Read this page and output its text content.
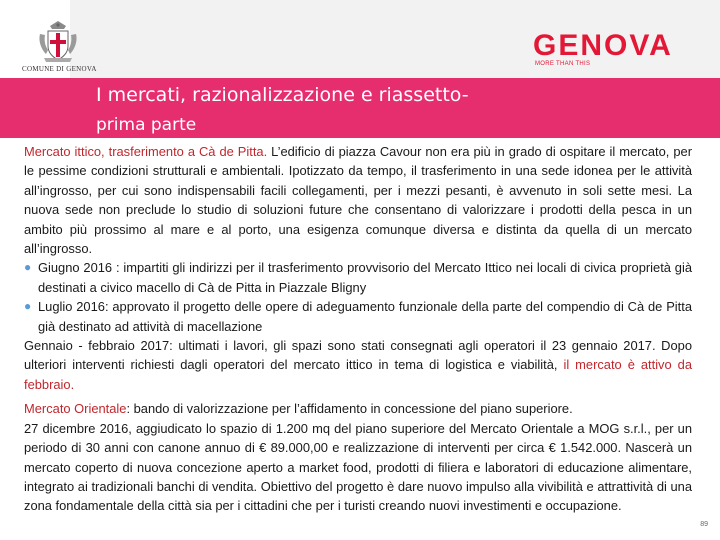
COMUNE DI GENOVA
GENOVA
MORE THAN THIS
I mercati, razionalizzazione e riassetto-
prima parte

Mercato ittico, trasferimento a Cà de Pitta. L’edificio di piazza Cavour non era più in grado di ospitare il mercato, per le pessime condizioni strutturali e ambientali. Ipotizzato da tempo, il trasferimento in una sede idonea per le attività all’ingrosso, per cui sono indispensabili facili collegamenti, per i mezzi pesanti, è avvenuto in soli sette mesi. La nuova sede non preclude lo studio di soluzioni future che consentano di valorizzare i prodotti della pesca in un ambito più prossimo al mare e al porto, una esigenza comunque diversa e distinta da quella di un mercato all’ingrosso.

● Giugno 2016 : impartiti gli indirizzi per il trasferimento provvisorio del Mercato Ittico nei locali di civica proprietà già destinati a civico macello di Cà de Pitta in Piazzale Bligny

● Luglio 2016: approvato il progetto delle opere di adeguamento funzionale della parte del compendio di Cà de Pitta già destinato ad attività di macellazione

Gennaio - febbraio 2017: ultimati i lavori, gli spazi sono stati consegnati agli operatori il 23 gennaio 2017. Dopo ulteriori interventi richiesti dagli operatori del mercato ittico in tema di logistica e viabilità, il mercato è attivo da febbraio.

Mercato Orientale: bando di valorizzazione per l’affidamento in concessione del piano superiore.

27 dicembre 2016, aggiudicato lo spazio di 1.200 mq del piano superiore del Mercato Orientale a MOG s.r.l., per un periodo di 30 anni con canone annuo di € 89.000,00 e realizzazione di interventi per circa € 1.542.000. Nascerà un mercato coperto di nuova concezione aperto a market food, prodotti di filiera e laboratori di educazione alimentare, integrato ai tradizionali banchi di vendita. Obiettivo del progetto è dare nuovo impulso alla vivibilità e attrattività di una zona fondamentale della città sia per i cittadini che per i turisti creando nuovi investimenti e occupazione.

89
